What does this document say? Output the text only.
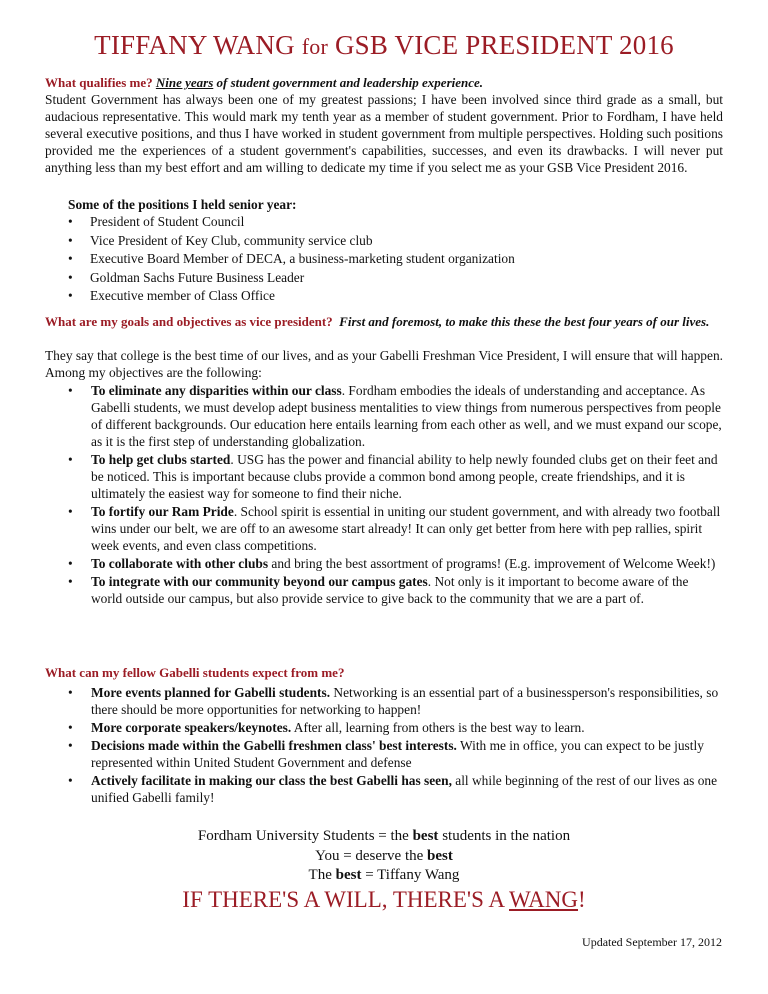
TIFFANY WANG for GSB VICE PRESIDENT 2016
What qualifies me? Nine years of student government and leadership experience.
Student Government has always been one of my greatest passions; I have been involved since third grade as a small, but audacious representative. This would mark my tenth year as a member of student government. Prior to Fordham, I have held several executive positions, and thus I have worked in student government from multiple perspectives. Holding such positions provided me the experiences of a student government's capabilities, successes, and even its drawbacks. I will never put anything less than my best effort and am willing to dedicate my time if you select me as your GSB Vice President 2016.
Some of the positions I held senior year:
• President of Student Council
• Vice President of Key Club, community service club
• Executive Board Member of DECA, a business-marketing student organization
• Goldman Sachs Future Business Leader
• Executive member of Class Office
What are my goals and objectives as vice president? First and foremost, to make this these the best four years of our lives.
They say that college is the best time of our lives, and as your Gabelli Freshman Vice President, I will ensure that will happen. Among my objectives are the following:
• To eliminate any disparities within our class. Fordham embodies the ideals of understanding and acceptance. As Gabelli students, we must develop adept business mentalities to view things from numerous perspectives from people of different backgrounds. Our education here entails learning from each other as well, and we must expand our scope, as it is the first step of understanding globalization.
• To help get clubs started. USG has the power and financial ability to help newly founded clubs get on their feet and be noticed. This is important because clubs provide a common bond among people, create friendships, and it is ultimately the easiest way for someone to find their niche.
• To fortify our Ram Pride. School spirit is essential in uniting our student government, and with already two football wins under our belt, we are off to an awesome start already! It can only get better from here with pep rallies, spirit week events, and even class competitions.
• To collaborate with other clubs and bring the best assortment of programs! (E.g. improvement of Welcome Week!)
• To integrate with our community beyond our campus gates. Not only is it important to become aware of the world outside our campus, but also provide service to give back to the community that we are a part of.
What can my fellow Gabelli students expect from me?
• More events planned for Gabelli students. Networking is an essential part of a businessperson's responsibilities, so there should be more opportunities for networking to happen!
• More corporate speakers/keynotes. After all, learning from others is the best way to learn.
• Decisions made within the Gabelli freshmen class' best interests. With me in office, you can expect to be justly represented within United Student Government and defense
• Actively facilitate in making our class the best Gabelli has seen, all while beginning of the rest of our lives as one unified Gabelli family!
Fordham University Students = the best students in the nation
You = deserve the best
The best = Tiffany Wang
IF THERE'S A WILL, THERE'S A WANG!
Updated September 17, 2012
